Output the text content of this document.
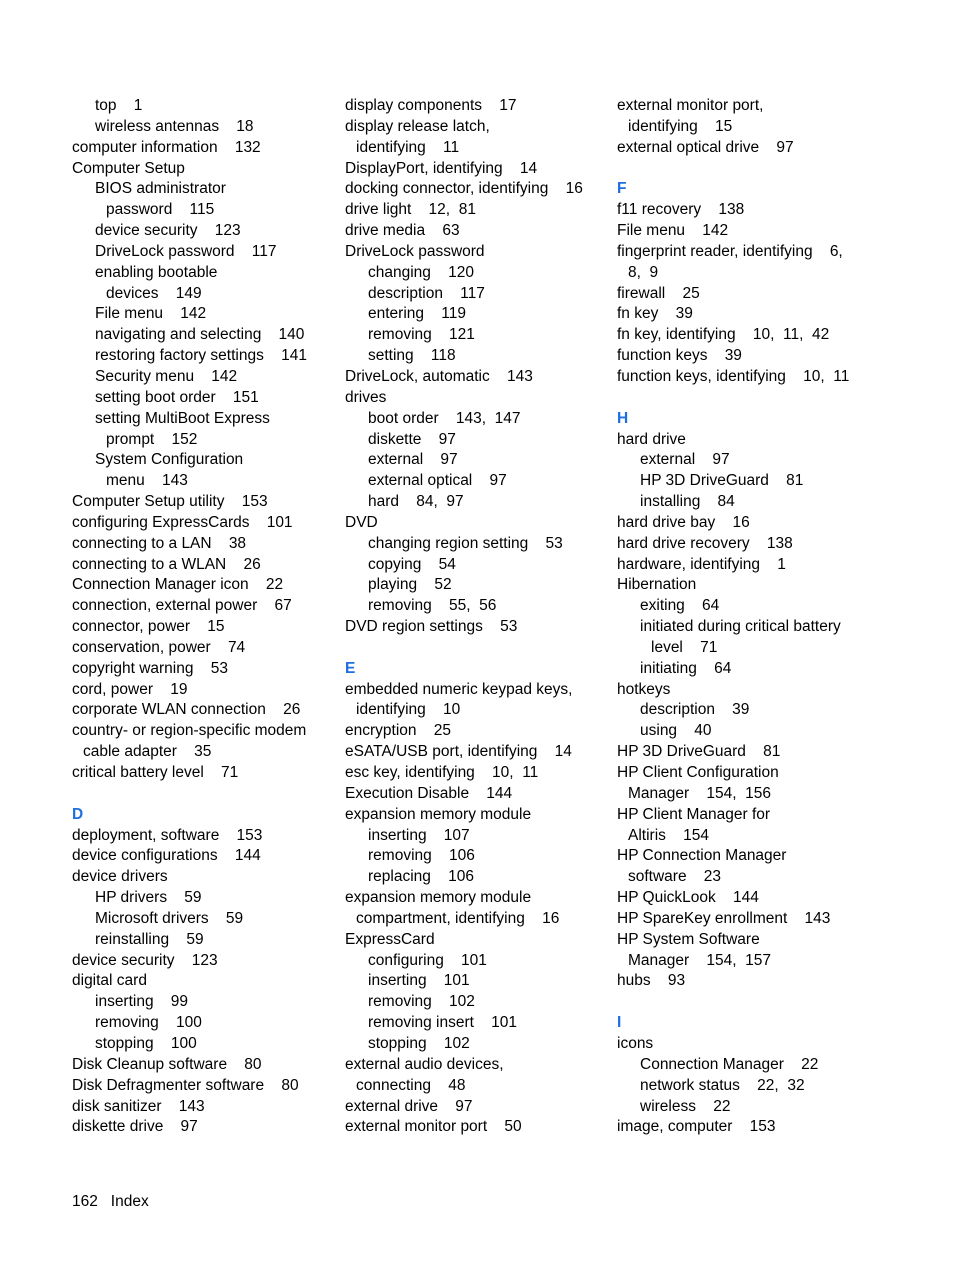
top    1
wireless antennas    18
computer information    132
Computer Setup
BIOS administrator
password    115
device security    123
DriveLock password    117
enabling bootable
devices    149
File menu    142
navigating and selecting    140
restoring factory settings    141
Security menu    142
setting boot order    151
setting MultiBoot Express
prompt    152
System Configuration
menu    143
Computer Setup utility    153
configuring ExpressCards    101
connecting to a LAN    38
connecting to a WLAN    26
Connection Manager icon    22
connection, external power    67
connector, power    15
conservation, power    74
copyright warning    53
cord, power    19
corporate WLAN connection    26
country- or region-specific modem
cable adapter    35
critical battery level    71
D
deployment, software    153
device configurations    144
device drivers
HP drivers    59
Microsoft drivers    59
reinstalling    59
device security    123
digital card
inserting    99
removing    100
stopping    100
Disk Cleanup software    80
Disk Defragmenter software    80
disk sanitizer    143
diskette drive    97
display components    17
display release latch,
identifying    11
DisplayPort, identifying    14
docking connector, identifying    16
drive light    12,  81
drive media    63
DriveLock password
changing    120
description    117
entering    119
removing    121
setting    118
DriveLock, automatic    143
drives
boot order    143,  147
diskette    97
external    97
external optical    97
hard    84,  97
DVD
changing region setting    53
copying    54
playing    52
removing    55,  56
DVD region settings    53
E
embedded numeric keypad keys,
identifying    10
encryption    25
eSATA/USB port, identifying    14
esc key, identifying    10,  11
Execution Disable    144
expansion memory module
inserting    107
removing    106
replacing    106
expansion memory module
compartment, identifying    16
ExpressCard
configuring    101
inserting    101
removing    102
removing insert    101
stopping    102
external audio devices,
connecting    48
external drive    97
external monitor port    50
external monitor port,
identifying    15
external optical drive    97
F
f11 recovery    138
File menu    142
fingerprint reader, identifying    6,
8,  9
firewall    25
fn key    39
fn key, identifying    10,  11,  42
function keys    39
function keys, identifying    10,  11
H
hard drive
external    97
HP 3D DriveGuard    81
installing    84
hard drive bay    16
hard drive recovery    138
hardware, identifying    1
Hibernation
exiting    64
initiated during critical battery
level    71
initiating    64
hotkeys
description    39
using    40
HP 3D DriveGuard    81
HP Client Configuration
Manager    154,  156
HP Client Manager for
Altiris    154
HP Connection Manager
software    23
HP QuickLook    144
HP SpareKey enrollment    143
HP System Software
Manager    154,  157
hubs    93
I
icons
Connection Manager    22
network status    22,  32
wireless    22
image, computer    153
162 Index
